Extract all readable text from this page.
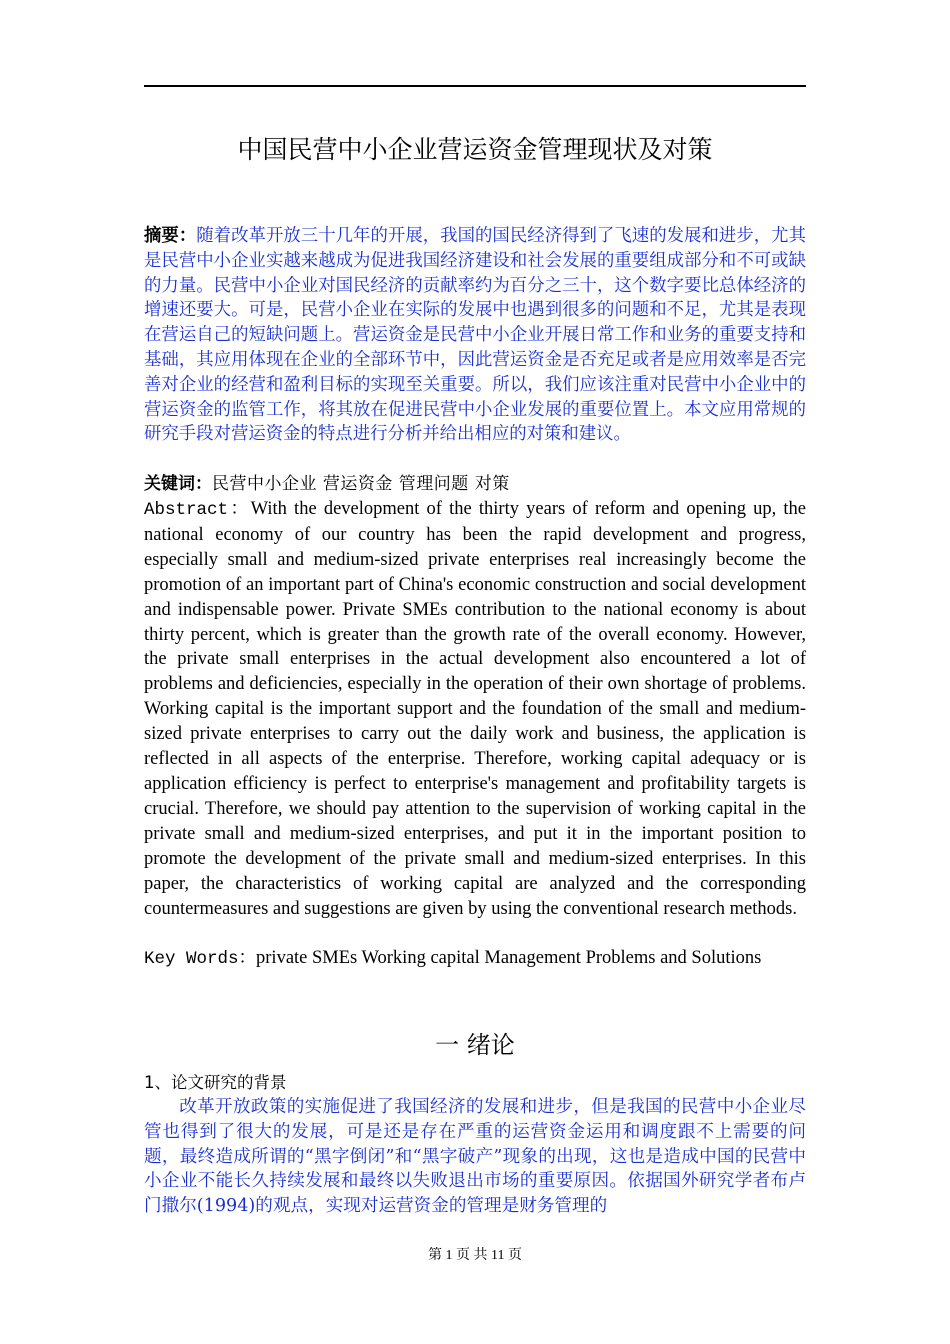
中国民营中小企业营运资金管理现状及对策
摘要：随着改革开放三十几年的开展，我国的国民经济得到了飞速的发展和进步，尤其是民营中小企业实越来越成为促进我国经济建设和社会发展的重要组成部分和不可或缺的力量。民营中小企业对国民经济的贡献率约为百分之三十，这个数字要比总体经济的增速还要大。可是，民营小企业在实际的发展中也遇到很多的问题和不足，尤其是表现在营运自己的短缺问题上。营运资金是民营中小企业开展日常工作和业务的重要支持和基础，其应用体现在企业的全部环节中，因此营运资金是否充足或者是应用效率是否完善对企业的经营和盈利目标的实现至关重要。所以，我们应该注重对民营中小企业中的营运资金的监管工作，将其放在促进民营中小企业发展的重要位置上。本文应用常规的研究手段对营运资金的特点进行分析并给出相应的对策和建议。
关键词：民营中小企业 营运资金 管理问题 对策
Abstract：With the development of the thirty years of reform and opening up, the national economy of our country has been the rapid development and progress, especially small and medium-sized private enterprises real increasingly become the promotion of an important part of China's economic construction and social development and indispensable power. Private SMEs contribution to the national economy is about thirty percent, which is greater than the growth rate of the overall economy. However, the private small enterprises in the actual development also encountered a lot of problems and deficiencies, especially in the operation of their own shortage of problems. Working capital is the important support and the foundation of the small and medium-sized private enterprises to carry out the daily work and business, the application is reflected in all aspects of the enterprise. Therefore, working capital adequacy or is application efficiency is perfect to enterprise's management and profitability targets is crucial. Therefore, we should pay attention to the supervision of working capital in the private small and medium-sized enterprises, and put it in the important position to promote the development of the private small and medium-sized enterprises. In this paper, the characteristics of working capital are analyzed and the corresponding countermeasures and suggestions are given by using the conventional research methods.
Key Words：private SMEs Working capital Management Problems and Solutions
一 绪论
1、论文研究的背景
改革开放政策的实施促进了我国经济的发展和进步，但是我国的民营中小企业尽管也得到了很大的发展，可是还是存在严重的运营资金运用和调度跟不上需要的问题，最终造成所谓的“黑字倒闭”和“黑字破产”现象的出现，这也是造成中国的民营中小企业不能长久持续发展和最终以失败退出市场的重要原因。依据国外研究学者布卢门撒尔(1994)的观点，实现对运营资金的管理是财务管理的
第 1 页 共 11 页
